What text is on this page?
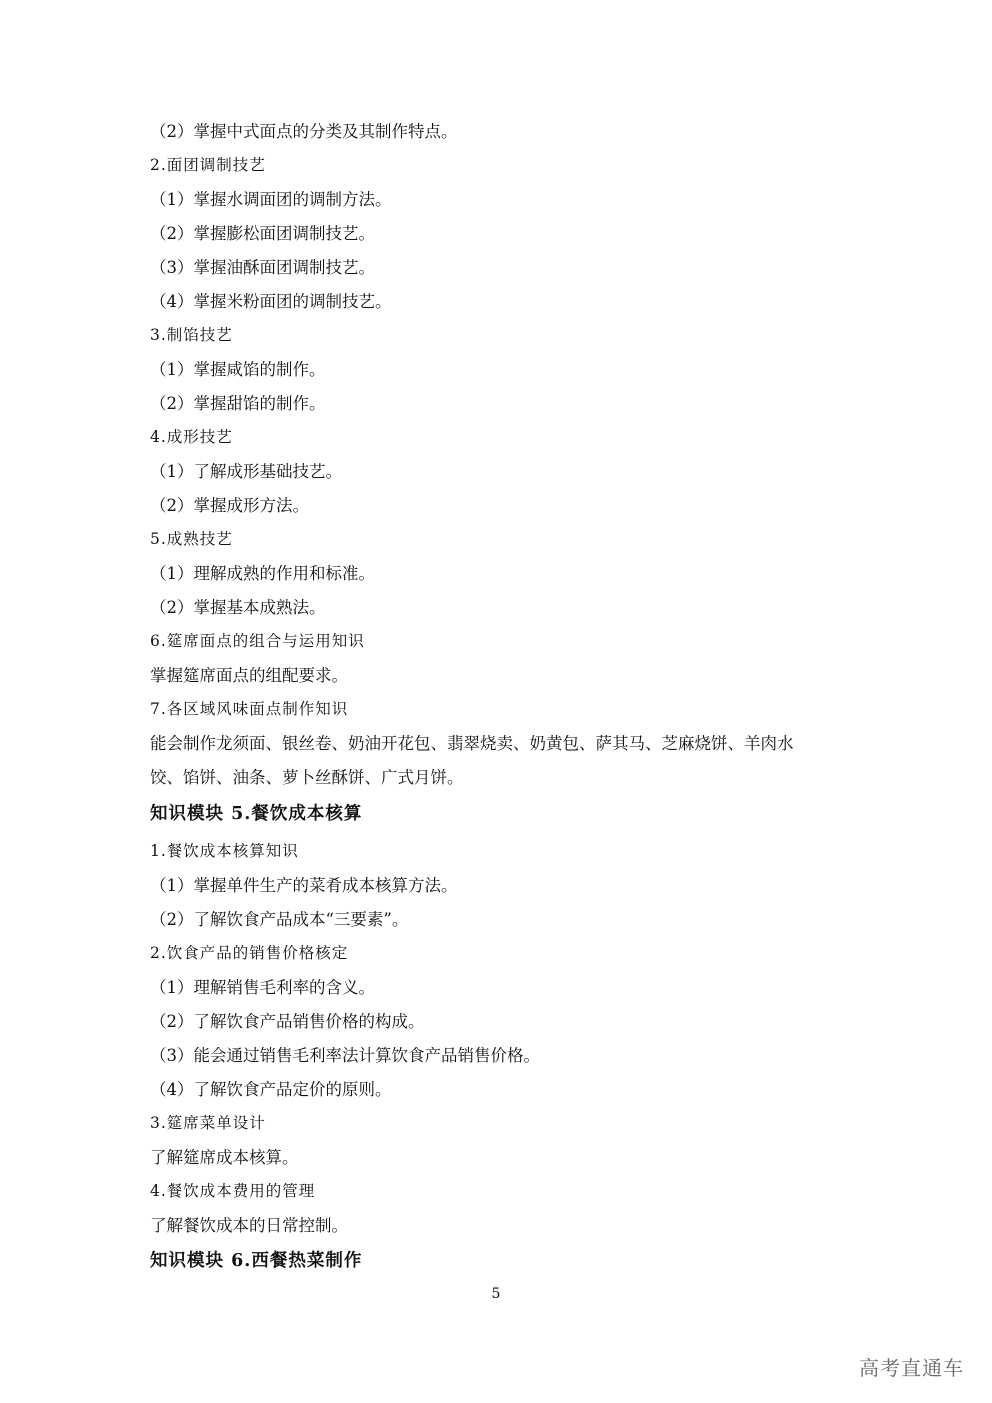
（2）掌握中式面点的分类及其制作特点。

2.面团调制技艺

（1）掌握水调面团的调制方法。

（2）掌握膨松面团调制技艺。

（3）掌握油酥面团调制技艺。

（4）掌握米粉面团的调制技艺。

3.制馅技艺

（1）掌握咸馅的制作。

（2）掌握甜馅的制作。

4.成形技艺

（1）了解成形基础技艺。

（2）掌握成形方法。

5.成熟技艺

（1）理解成熟的作用和标准。

（2）掌握基本成熟法。

6.筵席面点的组合与运用知识

掌握筵席面点的组配要求。

7.各区域风味面点制作知识

能会制作龙须面、银丝卷、奶油开花包、翡翠烧卖、奶黄包、萨其马、芝麻烧饼、羊肉水

饺、馅饼、油条、萝卜丝酥饼、广式月饼。

知识模块 5.餐饮成本核算

1.餐饮成本核算知识

（1）掌握单件生产的菜肴成本核算方法。

（2）了解饮食产品成本“三要素”。

2.饮食产品的销售价格核定

（1）理解销售毛利率的含义。

（2）了解饮食产品销售价格的构成。

（3）能会通过销售毛利率法计算饮食产品销售价格。

（4）了解饮食产品定价的原则。

3.筵席菜单设计

了解筵席成本核算。

4.餐饮成本费用的管理

了解餐饮成本的日常控制。

知识模块 6.西餐热菜制作

5

高考直通车
